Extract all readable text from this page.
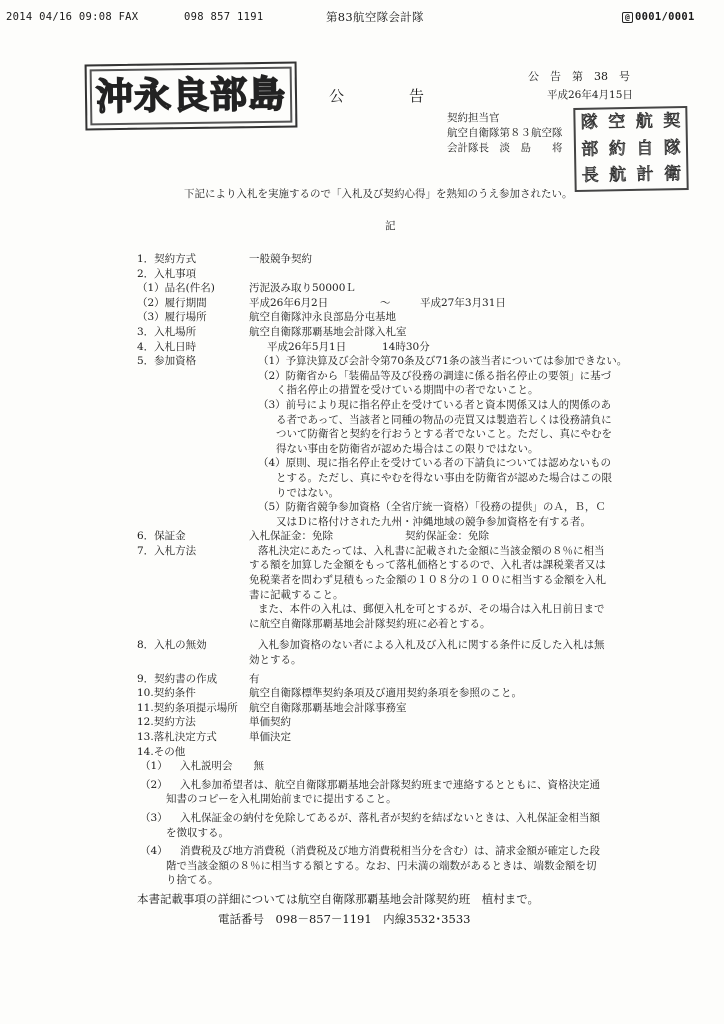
2014 04/16 09:08 FAX	098 857 1191	第83航空隊会計隊	@ 0001/0001
沖永良部島	公　　　　告
公　告　第　38　号
平成26年4月15日
契約担当官
航空自衛隊第８３航空隊
会計隊長　淡　島　　将
隊 空 航 契
部 約 自 隊
長 航 計 衛
下記により入札を実施するので「入札及び契約心得」を熟知のうえ参加されたい。
記
1．契約方式	一般競争契約
2．入札事項
（1）品名(件名)	汚泥汲み取り50000Ｌ
（2）履行期間	平成26年6月2日	～	平成27年3月31日
（3）履行場所	航空自衛隊沖永良部島分屯基地
3．入札場所	航空自衛隊那覇基地会計隊入札室
4．入札日時	平成26年5月1日	14時30分
5．参加資格	（1）予算決算及び会計令第70条及び71条の該当者については参加できない。
（2）防衛省から「装備品等及び役務の調達に係る指名停止の要領」に基づ
く指名停止の措置を受けている期間中の者でないこと。
（3）前号により現に指名停止を受けている者と資本関係又は人的関係のあ
る者であって、当該者と同種の物品の売買又は製造若しくは役務請負に
ついて防衛省と契約を行おうとする者でないこと。ただし、真にやむを
得ない事由を防衛省が認めた場合はこの限りではない。
（4）原則、現に指名停止を受けている者の下請負については認めないもの
とする。ただし、真にやむを得ない事由を防衛省が認めた場合はこの限
りではない。
（5）防衛省競争参加資格（全省庁統一資格）「役務の提供」のＡ，Ｂ，Ｃ
又はＤに格付けされた九州・沖縄地域の競争参加資格を有する者。
6．保証金	入札保証金：免除	契約保証金：免除
7．入札方法	落札決定にあたっては、入札書に記載された金額に当該金額の８％に相当
する額を加算した金額をもって落札価格とするので、入札者は課税業者又は
免税業者を問わず見積もった金額の１０８分の１００に相当する金額を入札
書に記載すること。
また、本件の入札は、郵便入札を可とするが、その場合は入札日前日まで
に航空自衛隊那覇基地会計隊契約班に必着とする。
8．入札の無効	入札参加資格のない者による入札及び入札に関する条件に反した入札は無
効とする。
9．契約書の作成	有
10.契約条件	航空自衛隊標準契約条項及び適用契約条項を参照のこと。
11.契約条項提示場所 航空自衛隊那覇基地会計隊事務室
12.契約方法	単価契約
13.落札決定方式	単価決定
14.その他
（1） 入札説明会　　無
（2） 入札参加希望者は、航空自衛隊那覇基地会計隊契約班まで連絡するとともに、資格決定通
知書のコピーを入札開始前までに提出すること。
（3） 入札保証金の納付を免除してあるが、落札者が契約を結ばないときは、入札保証金相当額
を徴収する。
（4） 消費税及び地方消費税（消費税及び地方消費税相当分を含む）は、請求金額が確定した段
階で当該金額の８％に相当する額とする。なお、円未満の端数があるときは、端数金額を切
り捨てる。
本書記載事項の詳細については航空自衛隊那覇基地会計隊契約班　植村まで。
電話番号　098－857－1191　内線3532･3533
